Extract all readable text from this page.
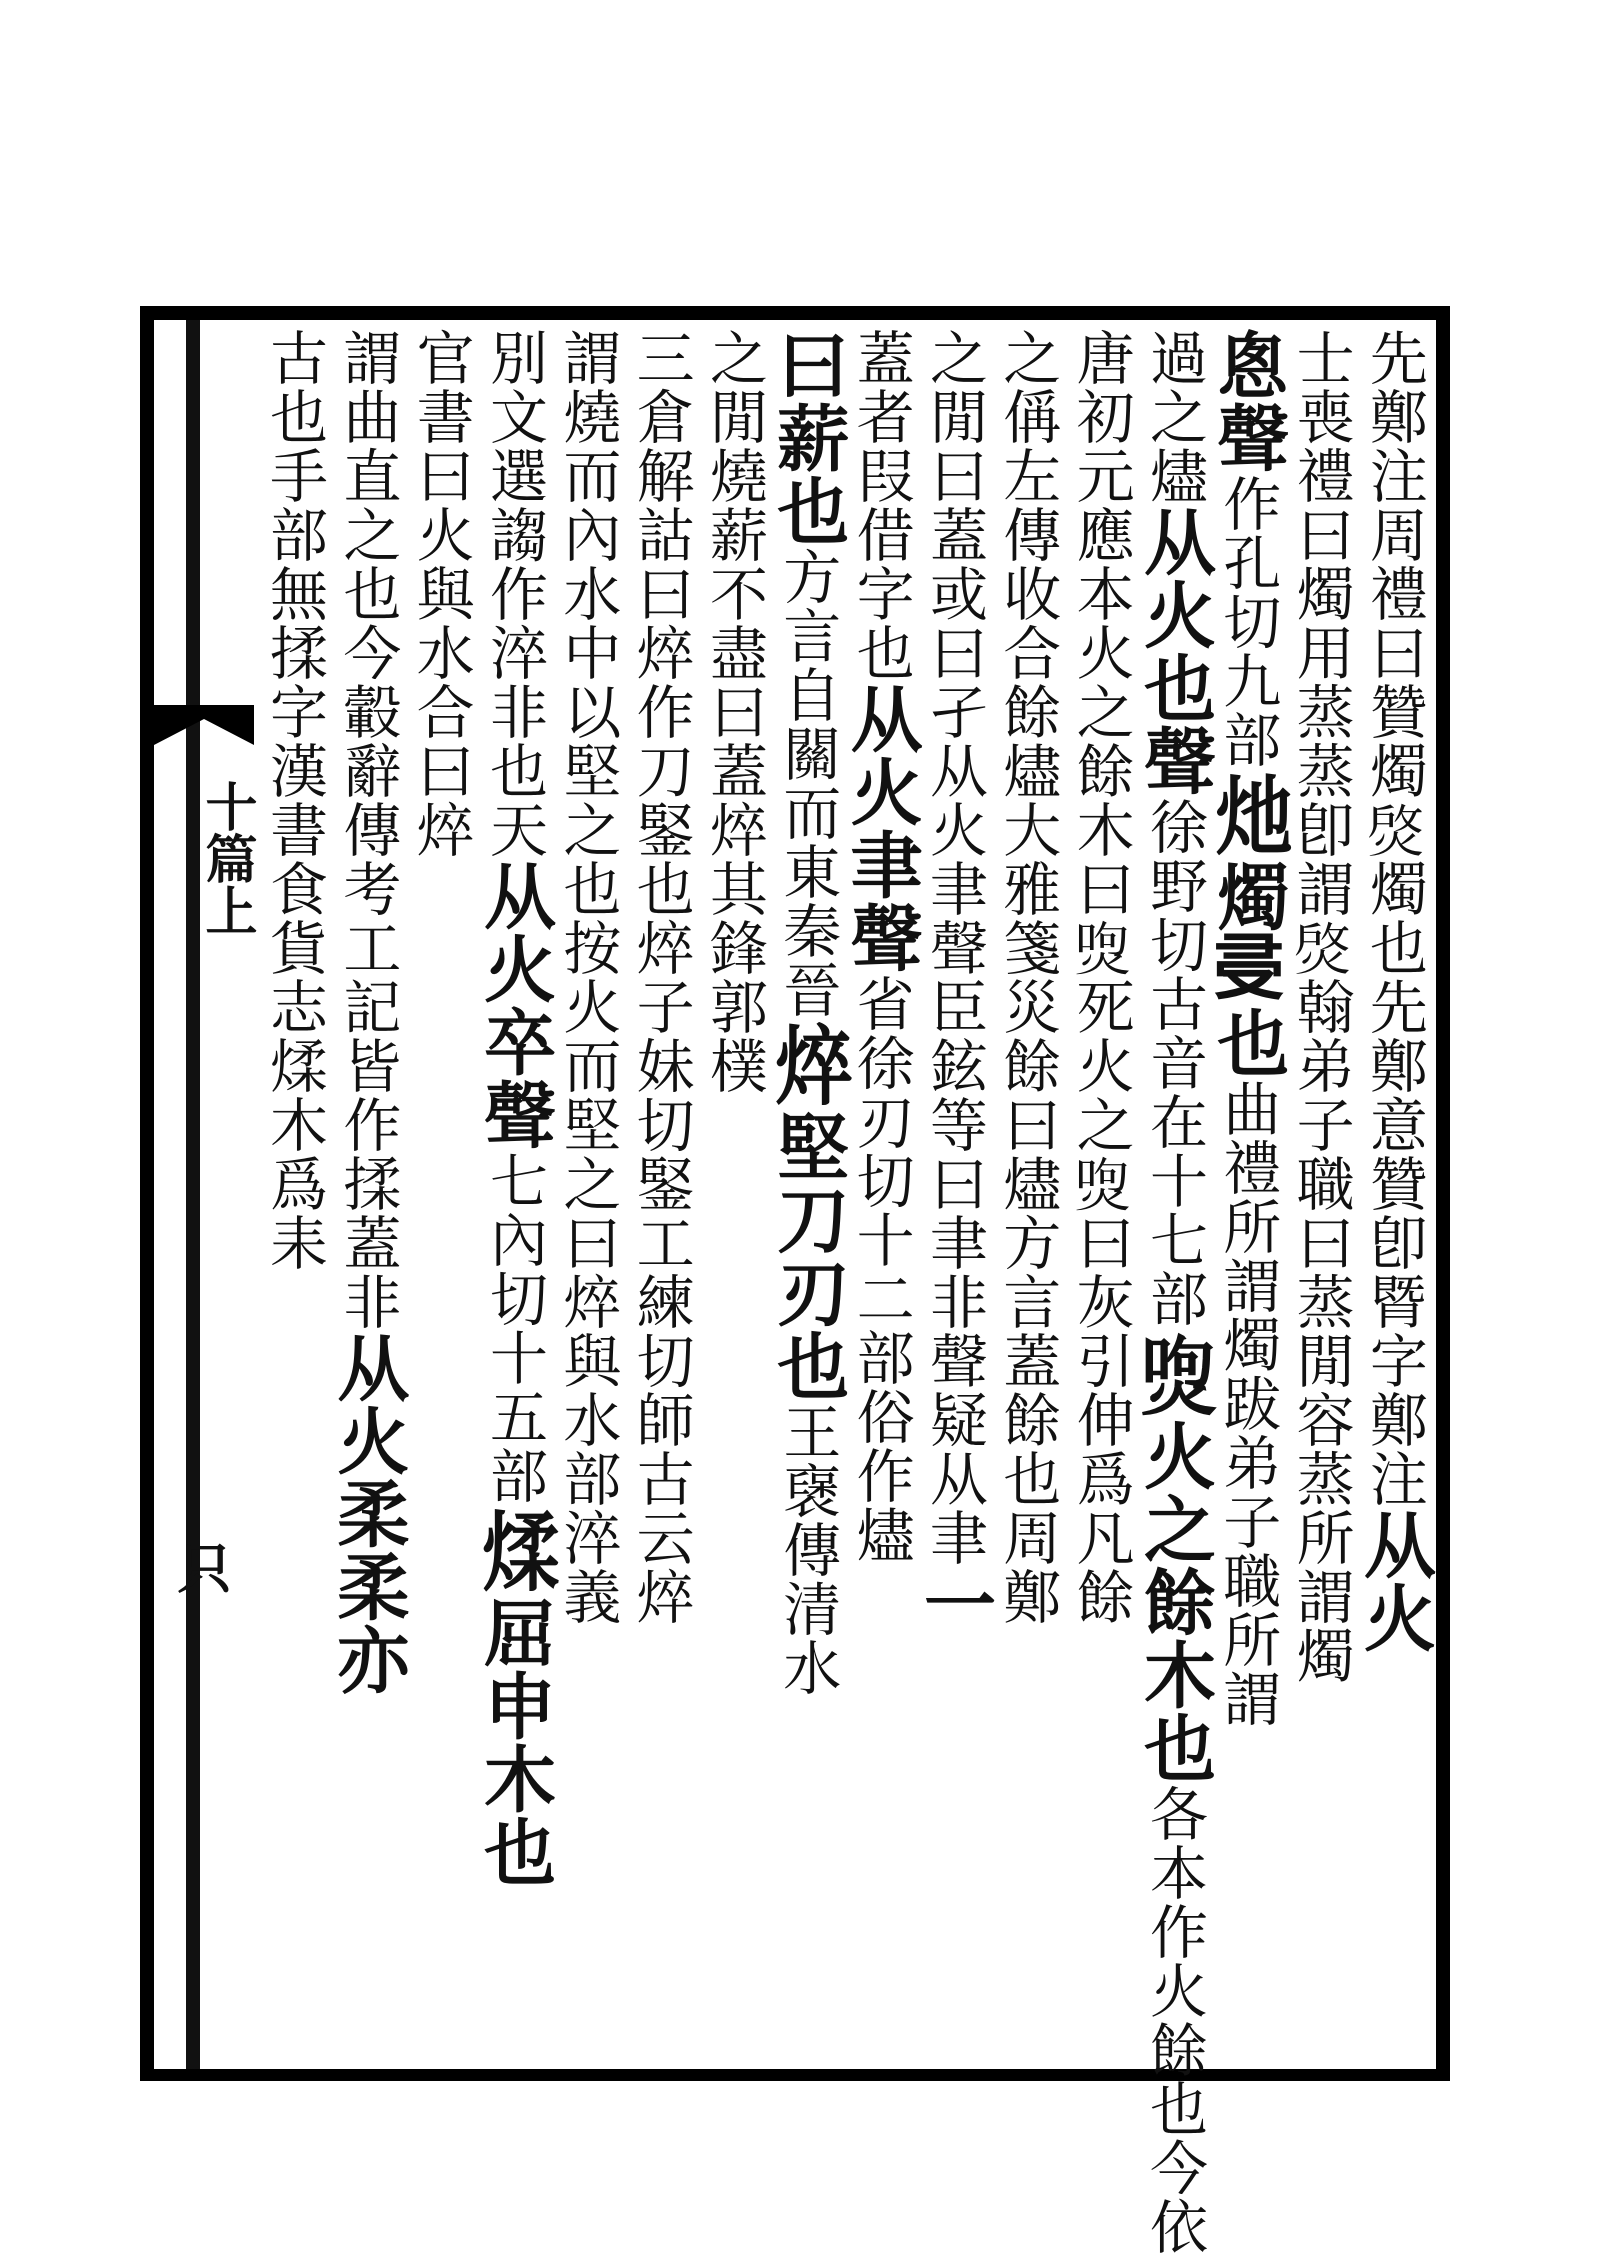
十篇上
只
先鄭注周禮曰贊燭𤉰燭也先鄭意贊卽䐴字鄭注从火
士喪禮曰燭用蒸蒸卽謂𤉰翰弟子職曰蒸閒容蒸所謂燭
悤聲作孔切九部灺燭𠬶也曲禮所謂燭跋弟子職所謂
過之燼从火也聲徐野切古音在十七部𤉵火之餘木也各本作火餘也今依
唐初元應本火之餘木曰𤉵死火之𤉵曰灰引伸爲凡餘
之偁左傳收合餘燼大雅箋災餘曰燼方言蓋餘也周鄭
之閒曰蓋或曰孑从火聿聲臣鉉等曰聿非聲疑从聿一
蓋者叚借字也从火聿聲省徐刃切十二部俗作燼
曰薪也方言自關而東秦晉焠堅刀刃也王襃傳清水
之閒燒薪不盡曰蓋焠其鋒郭樸
三倉解詁曰焠作刀鋻也焠子妹切鋻工練切師古云焠
謂燒而內水中以堅之也按火而堅之曰焠與水部淬義
別文選謅作淬非也天从火卒聲七內切十五部煣屈申木也
官書曰火與水合曰焠
謂曲直之也今轂辭傳考工記皆作揉蓋非从火柔柔亦
古也手部無揉字漢書食貨志煣木爲耒
